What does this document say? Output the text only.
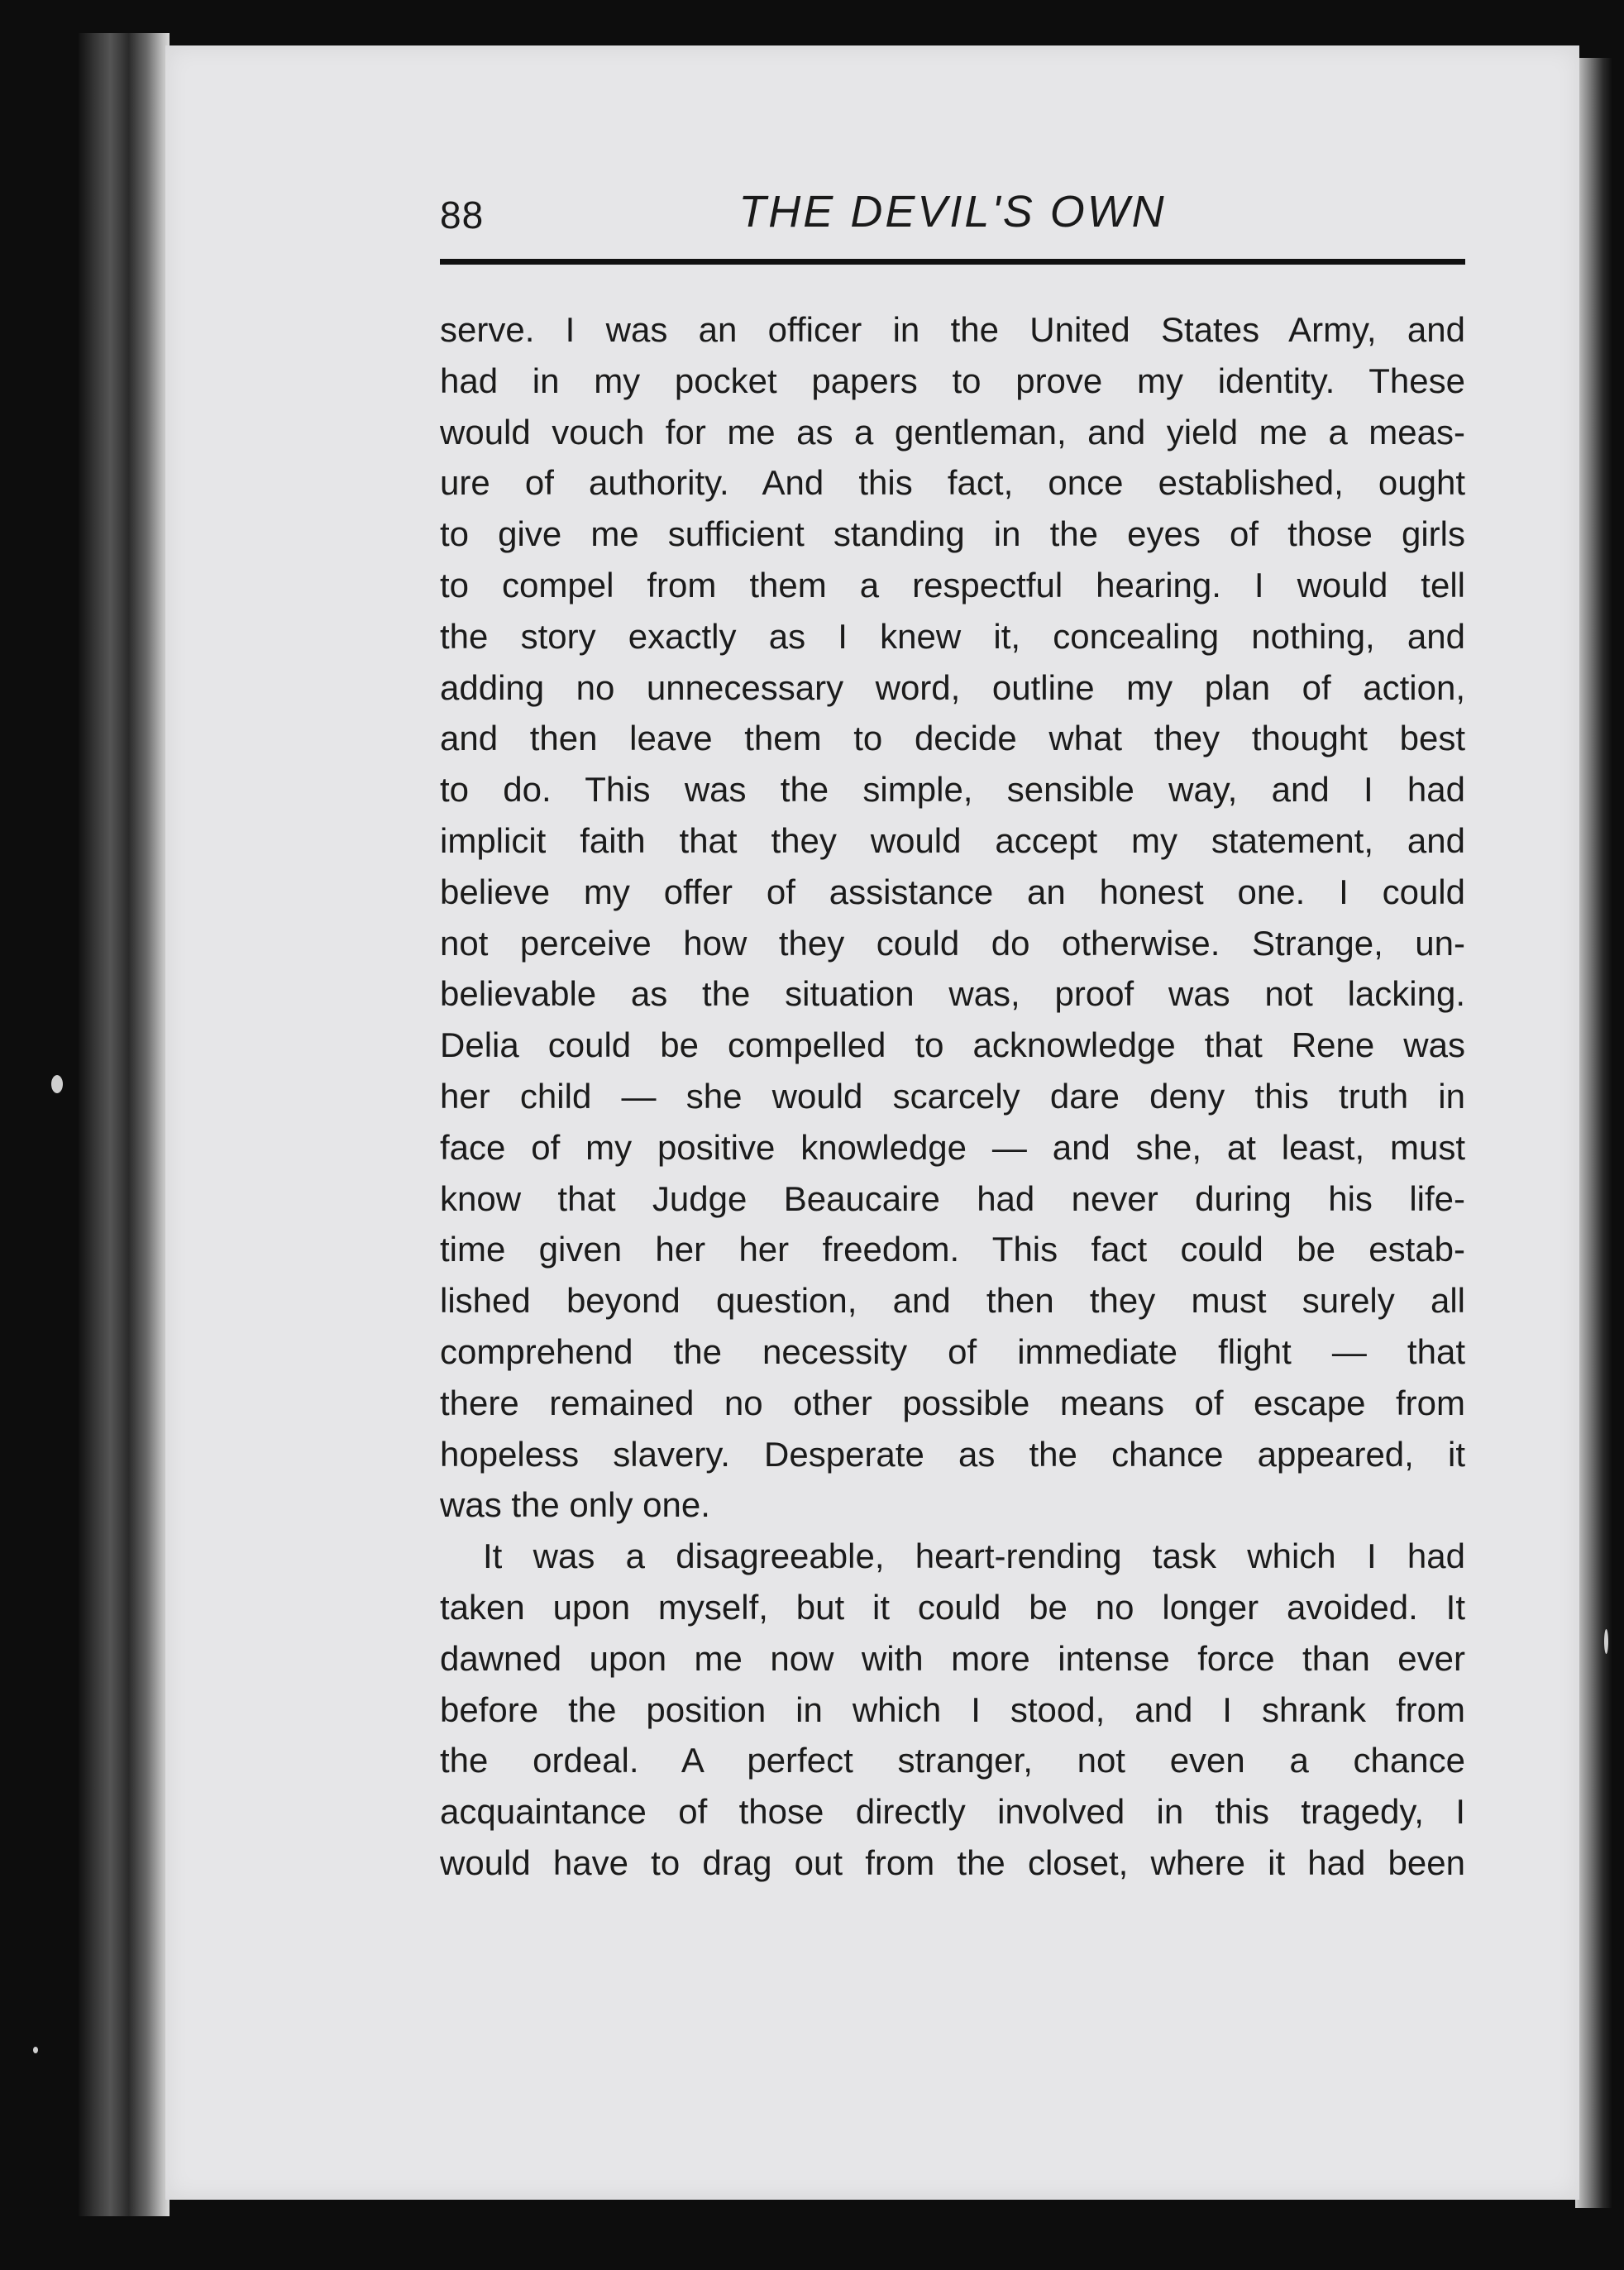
88	THE DEVIL'S OWN
serve. I was an officer in the United States Army, and
had in my pocket papers to prove my identity. These
would vouch for me as a gentleman, and yield me a meas-
ure of authority. And this fact, once established, ought
to give me sufficient standing in the eyes of those girls
to compel from them a respectful hearing. I would tell
the story exactly as I knew it, concealing nothing, and
adding no unnecessary word, outline my plan of action,
and then leave them to decide what they thought best
to do. This was the simple, sensible way, and I had
implicit faith that they would accept my statement, and
believe my offer of assistance an honest one. I could
not perceive how they could do otherwise. Strange, un-
believable as the situation was, proof was not lacking.
Delia could be compelled to acknowledge that Rene was
her child — she would scarcely dare deny this truth in
face of my positive knowledge — and she, at least, must
know that Judge Beaucaire had never during his life-
time given her her freedom. This fact could be estab-
lished beyond question, and then they must surely all
comprehend the necessity of immediate flight — that
there remained no other possible means of escape from
hopeless slavery. Desperate as the chance appeared, it
was the only one.
It was a disagreeable, heart-rending task which I had
taken upon myself, but it could be no longer avoided. It
dawned upon me now with more intense force than ever
before the position in which I stood, and I shrank from
the ordeal. A perfect stranger, not even a chance
acquaintance of those directly involved in this tragedy, I
would have to drag out from the closet, where it had been
